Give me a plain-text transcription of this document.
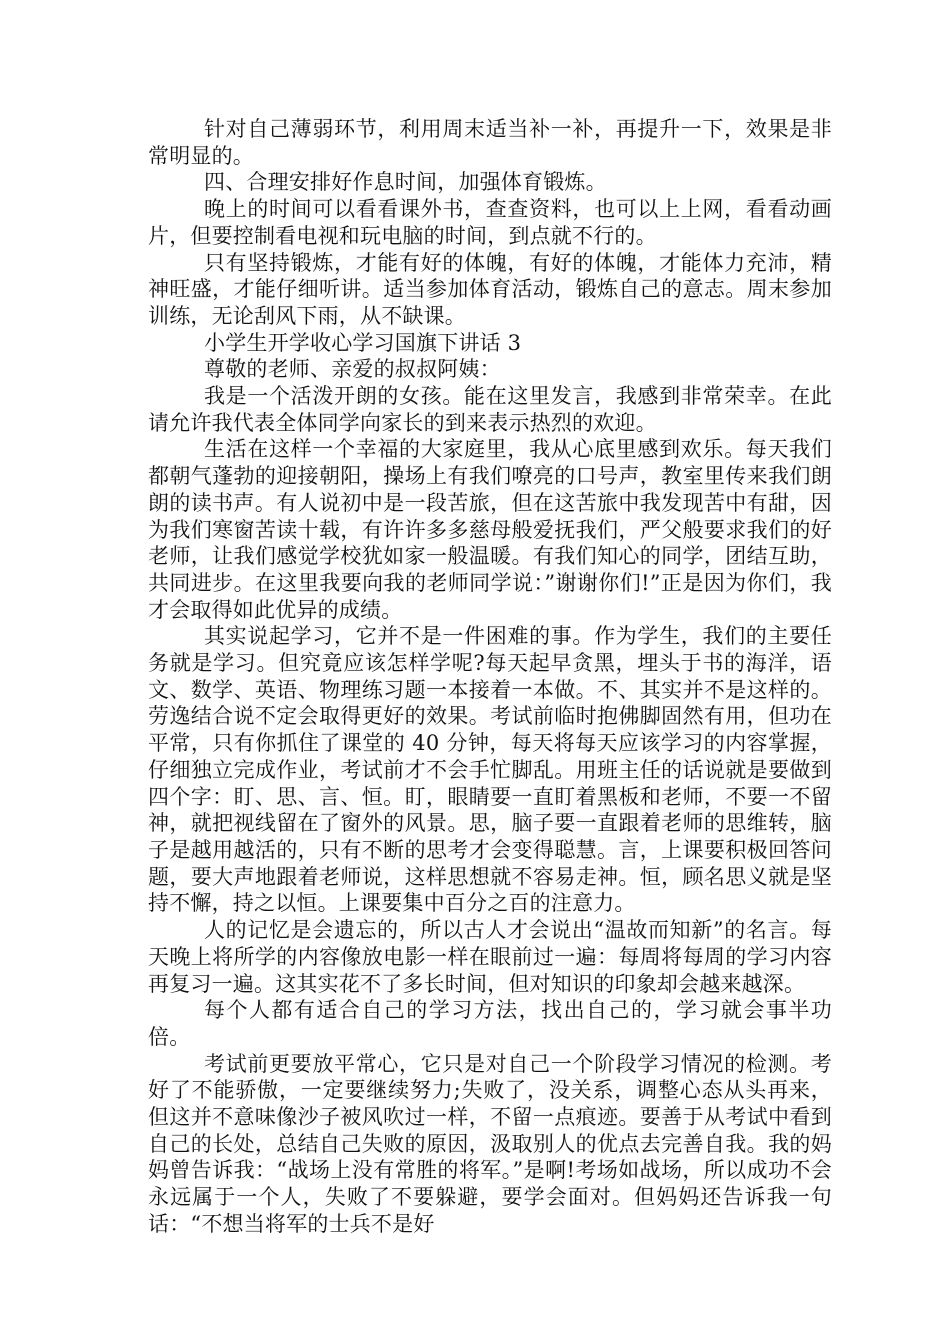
针对自己薄弱环节，利用周末适当补一补，再提升一下，效果是非常明显的。

四、合理安排好作息时间，加强体育锻炼。

晚上的时间可以看看课外书，查查资料，也可以上上网，看看动画片，但要控制看电视和玩电脑的时间，到点就不行的。

只有坚持锻炼，才能有好的体魄，有好的体魄，才能体力充沛，精神旺盛，才能仔细听讲。适当参加体育活动，锻炼自己的意志。周末参加训练，无论刮风下雨，从不缺课。

小学生开学收心学习国旗下讲话 3

尊敬的老师、亲爱的叔叔阿姨：

我是一个活泼开朗的女孩。能在这里发言，我感到非常荣幸。在此请允许我代表全体同学向家长的到来表示热烈的欢迎。

生活在这样一个幸福的大家庭里，我从心底里感到欢乐。每天我们都朝气蓬勃的迎接朝阳，操场上有我们嘹亮的口号声，教室里传来我们朗朗的读书声。有人说初中是一段苦旅，但在这苦旅中我发现苦中有甜，因为我们寒窗苦读十载，有许许多多慈母般爱抚我们，严父般要求我们的好老师，让我们感觉学校犹如家一般温暖。有我们知心的同学，团结互助，共同进步。在这里我要向我的老师同学说：”谢谢你们!”正是因为你们，我才会取得如此优异的成绩。

其实说起学习，它并不是一件困难的事。作为学生，我们的主要任务就是学习。但究竟应该怎样学呢?每天起早贪黑，埋头于书的海洋，语文、数学、英语、物理练习题一本接着一本做。不、其实并不是这样的。劳逸结合说不定会取得更好的效果。考试前临时抱佛脚固然有用，但功在平常，只有你抓住了课堂的 40 分钟，每天将每天应该学习的内容掌握，仔细独立完成作业，考试前才不会手忙脚乱。用班主任的话说就是要做到四个字：盯、思、言、恒。盯，眼睛要一直盯着黑板和老师，不要一不留神，就把视线留在了窗外的风景。思，脑子要一直跟着老师的思维转，脑子是越用越活的，只有不断的思考才会变得聪慧。言，上课要积极回答问题，要大声地跟着老师说，这样思想就不容易走神。恒，顾名思义就是坚持不懈，持之以恒。上课要集中百分之百的注意力。

人的记忆是会遗忘的，所以古人才会说出“温故而知新”的名言。每天晚上将所学的内容像放电影一样在眼前过一遍：每周将每周的学习内容再复习一遍。这其实花不了多长时间，但对知识的印象却会越来越深。

每个人都有适合自己的学习方法，找出自己的，学习就会事半功倍。

考试前更要放平常心，它只是对自己一个阶段学习情况的检测。考好了不能骄傲，一定要继续努力;失败了，没关系，调整心态从头再来，但这并不意味像沙子被风吹过一样，不留一点痕迹。要善于从考试中看到自己的长处，总结自己失败的原因，汲取别人的优点去完善自我。我的妈妈曾告诉我：“战场上没有常胜的将军。”是啊!考场如战场，所以成功不会永远属于一个人，失败了不要躲避，要学会面对。但妈妈还告诉我一句话：“不想当将军的士兵不是好
